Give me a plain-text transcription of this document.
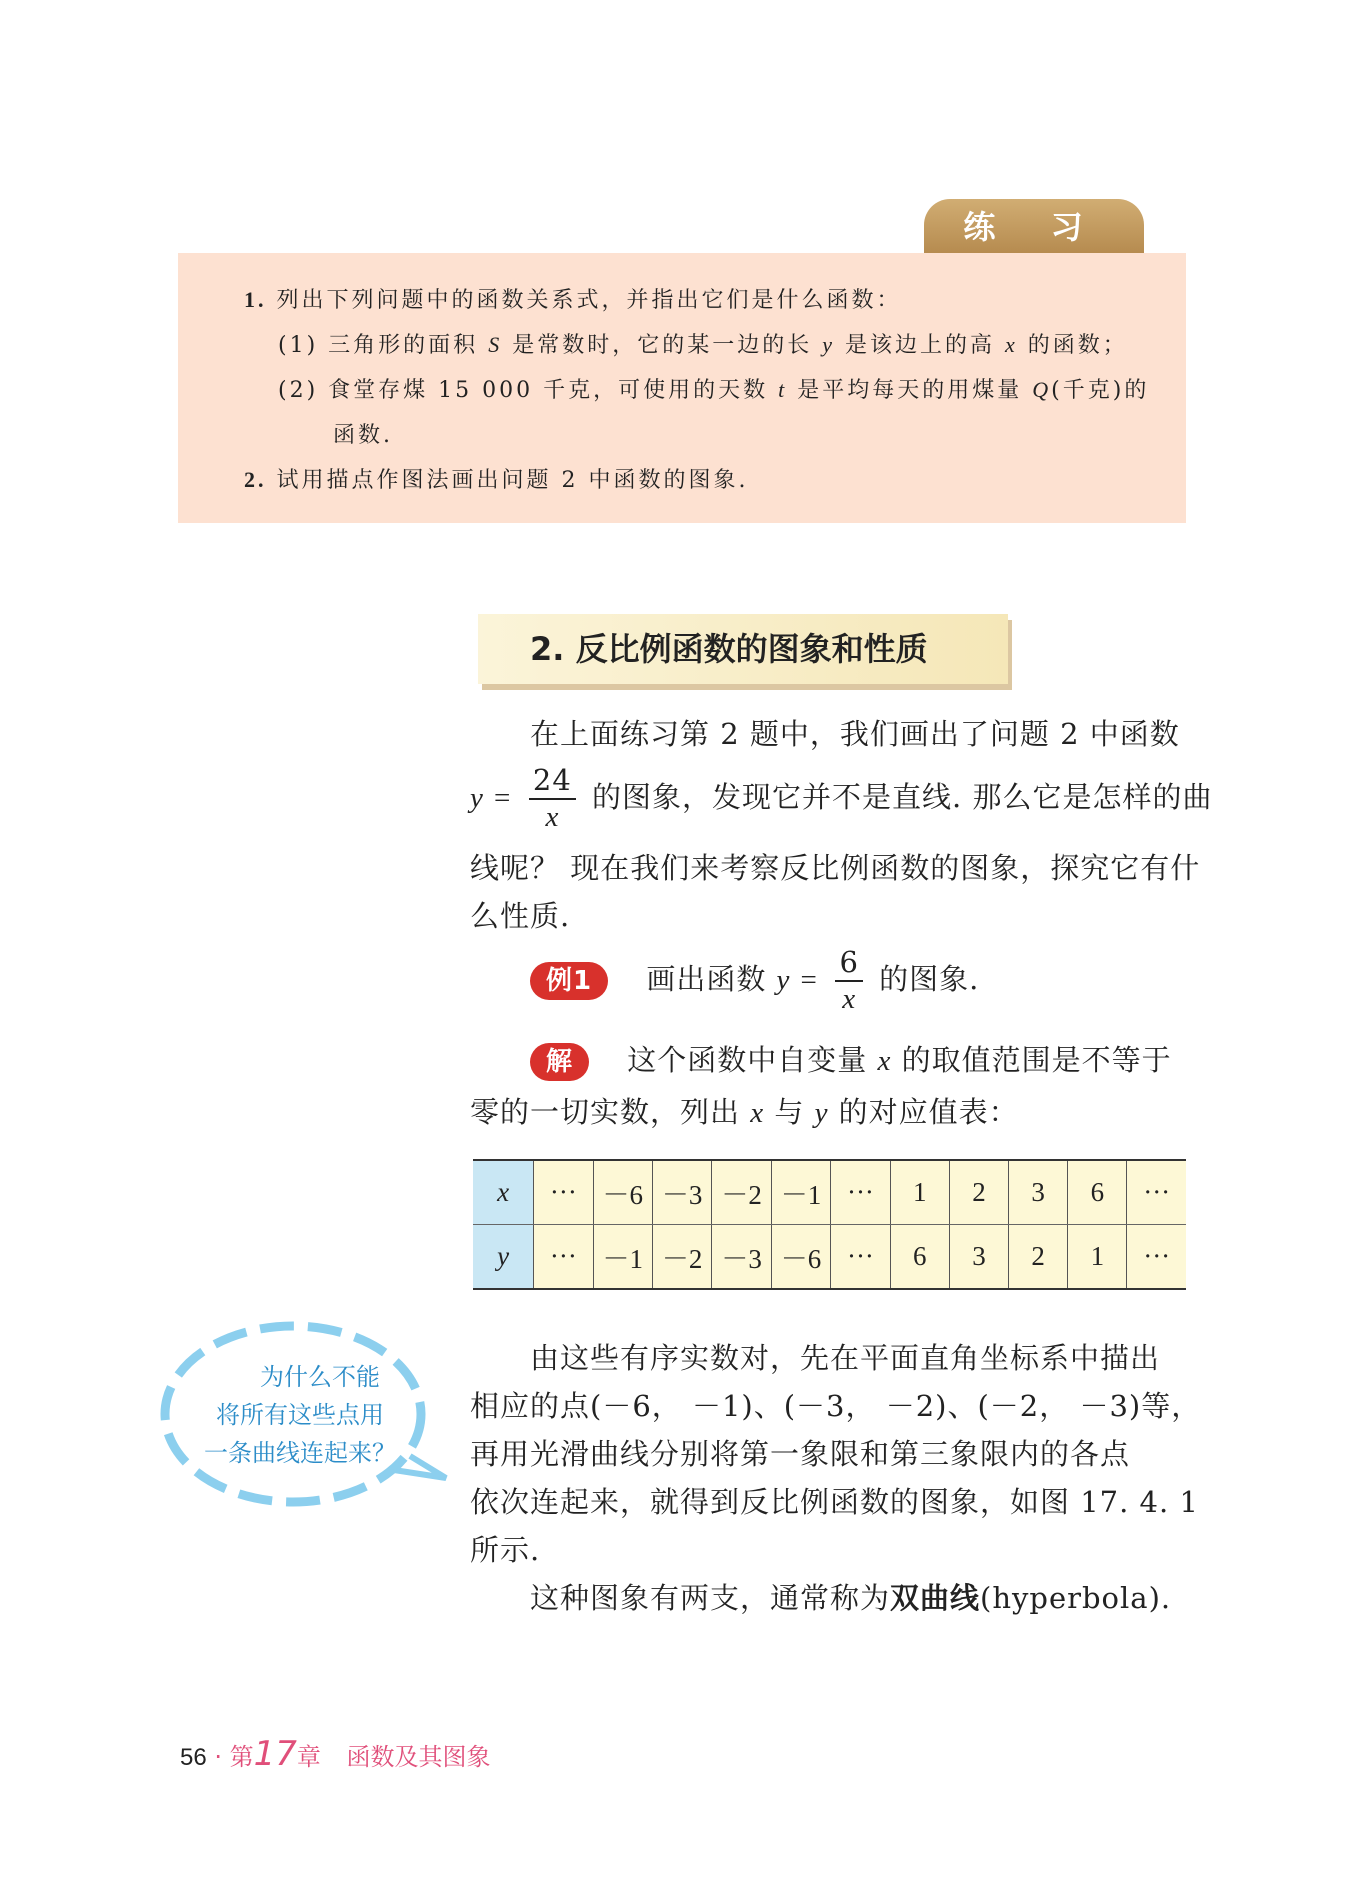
练 习
1. 列出下列问题中的函数关系式，并指出它们是什么函数：
(1) 三角形的面积 S 是常数时，它的某一边的长 y 是该边上的高 x 的函数；
(2) 食堂存煤 15 000 千克，可使用的天数 t 是平均每天的用煤量 Q(千克)的
函数.
2. 试用描点作图法画出问题 2 中函数的图象.
2. 反比例函数的图象和性质
在上面练习第 2 题中，我们画出了问题 2 中函数
$y = \frac{24}{x}$ 的图象，发现它并不是直线. 那么它是怎样的曲
线呢？ 现在我们来考察反比例函数的图象，探究它有什
么性质.
例1 画出函数 $y = \frac{6}{x}$ 的图象.
解 这个函数中自变量 x 的取值范围是不等于
零的一切实数，列出 x 与 y 的对应值表：
x	···	－6	－3	－2	－1	···	1	2	3	6	···
y	···	－1	－2	－3	－6	···	6	3	2	1	···
为什么不能
将所有这些点用
一条曲线连起来？
由这些有序实数对，先在平面直角坐标系中描出
相应的点(－6， －1)、(－3， －2)、(－2， －3)等，
再用光滑曲线分别将第一象限和第三象限内的各点
依次连起来，就得到反比例函数的图象，如图 17. 4. 1
所示.
这种图象有两支，通常称为双曲线(hyperbola).
56 · 第17章 函数及其图象
